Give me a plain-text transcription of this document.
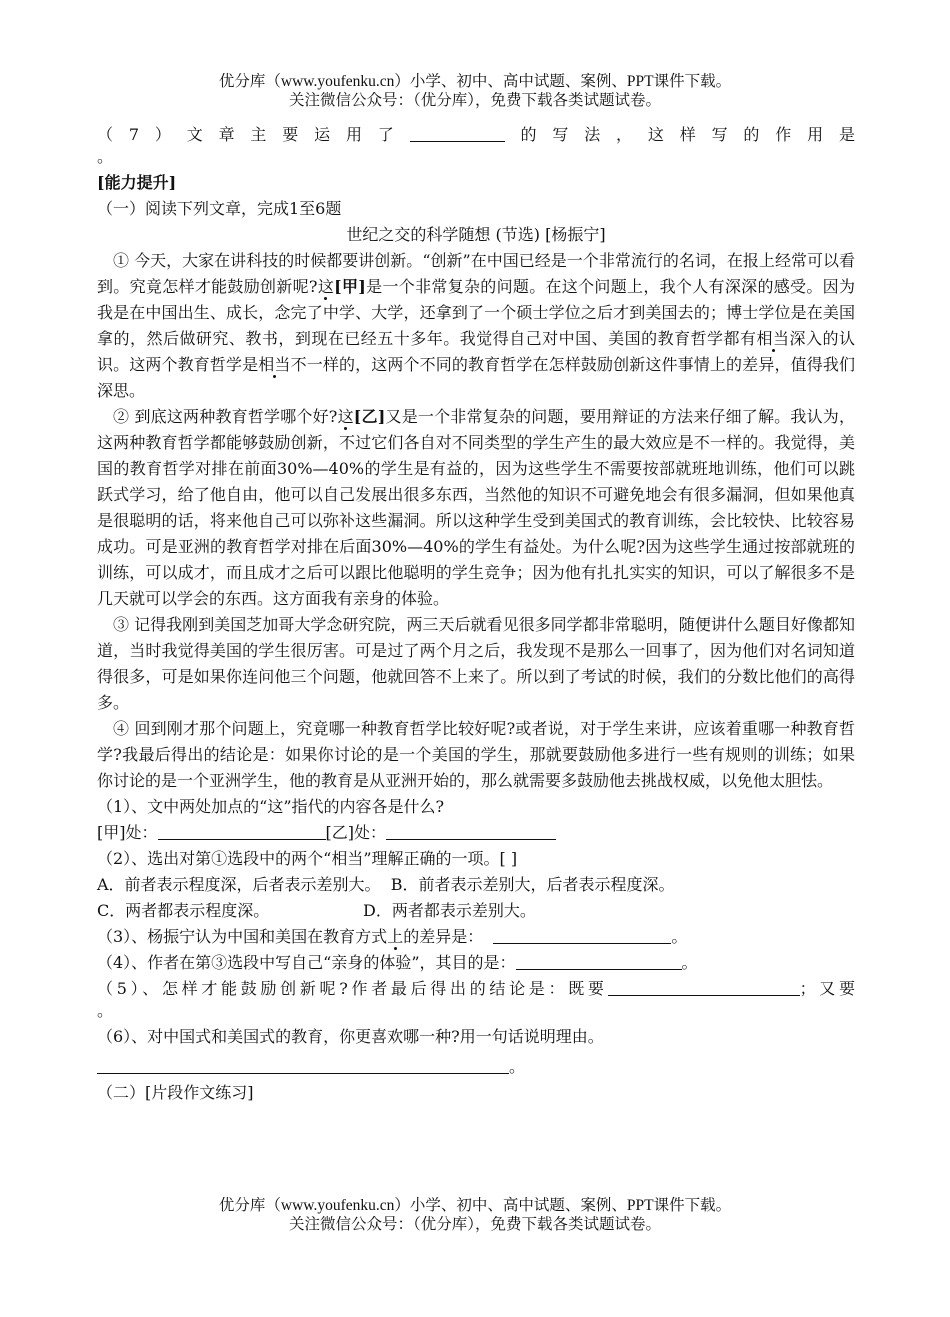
优分库（www.youfenku.cn）小学、初中、高中试题、案例、PPT课件下载。
关注微信公众号：（优分库），免费下载各类试题试卷。
（7）文章主要运用了	的写法，这样写的作用是
。
[能力提升]
（一）阅读下列文章，完成1至6题
世纪之交的科学随想 (节选) [杨振宁]
① 今天，大家在讲科技的时候都要讲创新。“创新”在中国已经是一个非常流行的名词，在报上经常可以看到。究竟怎样才能鼓励创新呢?这[甲]是一个非常复杂的问题。在这个问题上，我个人有深深的感受。因为我是在中国出生、成长，念完了中学、大学，还拿到了一个硕士学位之后才到美国去的；博士学位是在美国拿的，然后做研究、教书，到现在已经五十多年。我觉得自己对中国、美国的教育哲学都有相当深入的认识。这两个教育哲学是相当不一样的，这两个不同的教育哲学在怎样鼓励创新这件事情上的差异，值得我们深思。
② 到底这两种教育哲学哪个好?这[乙]又是一个非常复杂的问题，要用辩证的方法来仔细了解。我认为，这两种教育哲学都能够鼓励创新，不过它们各自对不同类型的学生产生的最大效应是不一样的。我觉得，美国的教育哲学对排在前面30%—40%的学生是有益的，因为这些学生不需要按部就班地训练，他们可以跳跃式学习，给了他自由，他可以自己发展出很多东西，当然他的知识不可避免地会有很多漏洞，但如果他真是很聪明的话，将来他自己可以弥补这些漏洞。所以这种学生受到美国式的教育训练，会比较快、比较容易成功。可是亚洲的教育哲学对排在后面30%—40%的学生有益处。为什么呢?因为这些学生通过按部就班的训练，可以成才，而且成才之后可以跟比他聪明的学生竞争；因为他有扎扎实实的知识，可以了解很多不是几天就可以学会的东西。这方面我有亲身的体验。
③ 记得我刚到美国芝加哥大学念研究院，两三天后就看见很多同学都非常聪明，随便讲什么题目好像都知道，当时我觉得美国的学生很厉害。可是过了两个月之后，我发现不是那么一回事了，因为他们对名词知道得很多，可是如果你连问他三个问题，他就回答不上来了。所以到了考试的时候，我们的分数比他们的高得多。
④ 回到刚才那个问题上，究竟哪一种教育哲学比较好呢?或者说，对于学生来讲，应该着重哪一种教育哲学?我最后得出的结论是：如果你讨论的是一个美国的学生，那就要鼓励他多进行一些有规则的训练；如果你讨论的是一个亚洲学生，他的教育是从亚洲开始的，那么就需要多鼓励他去挑战权威，以免他太胆怯。
（1）、文中两处加点的“这”指代的内容各是什么?
[甲]处：	[乙]处：
（2）、选出对第①选段中的两个“相当”理解正确的一项。[ ]
A．前者表示程度深，后者表示差别大。 B．前者表示差别大，后者表示程度深。
C．两者都表示程度深。	D．两者都表示差别大。
（3）、杨振宁认为中国和美国在教育方式上的差异是：	。
（4）、作者在第③选段中写自己“亲身的体验”，其目的是：	。
（5）、怎样才能鼓励创新呢?作者最后得出的结论是：既要	；又要
。
（6）、对中国式和美国式的教育，你更喜欢哪一种?用一句话说明理由。
。
（二）[片段作文练习]
优分库（www.youfenku.cn）小学、初中、高中试题、案例、PPT课件下载。
关注微信公众号：（优分库），免费下载各类试题试卷。
